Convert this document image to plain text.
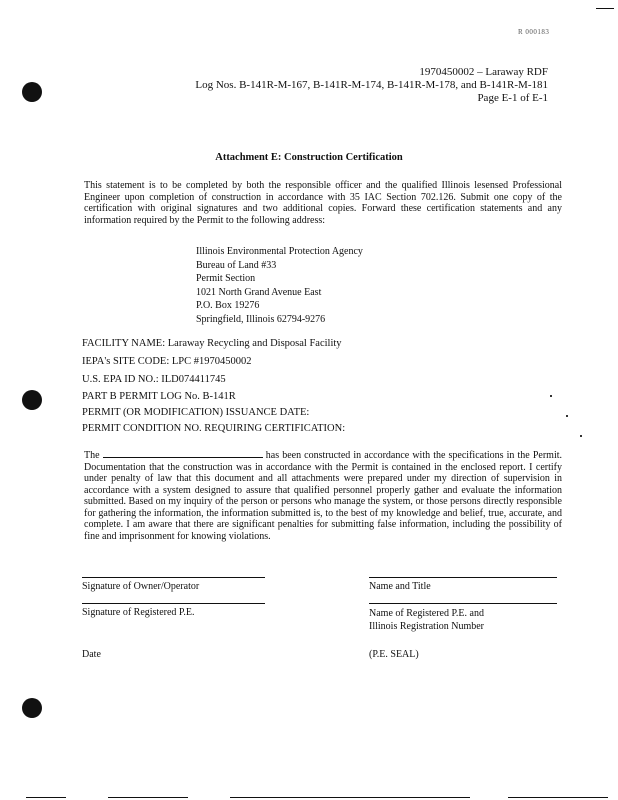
R 000183
1970450002 – Laraway RDF
Log Nos. B-141R-M-167, B-141R-M-174, B-141R-M-178, and B-141R-M-181
Page E-1 of E-1
Attachment E: Construction Certification
This statement is to be completed by both the responsible officer and the qualified Illinois lesensed Professional Engineer upon completion of construction in accordance with 35 IAC Section 702.126. Submit one copy of the certification with original signatures and two additional copies. Forward these certification statements and any information required by the Permit to the following address:
Illinois Environmental Protection Agency
Bureau of Land #33
Permit Section
1021 North Grand Avenue East
P.O. Box 19276
Springfield, Illinois 62794-9276
FACILITY NAME: Laraway Recycling and Disposal Facility
IEPA's SITE CODE: LPC #1970450002
U.S. EPA ID NO.: ILD074411745
PART B PERMIT LOG No. B-141R
PERMIT (OR MODIFICATION) ISSUANCE DATE:
PERMIT CONDITION NO. REQUIRING CERTIFICATION:
The	has been constructed in accordance with the specifications in the Permit. Documentation that the construction was in accordance with the Permit is contained in the enclosed report. I certify under penalty of law that this document and all attachments were prepared under my direction of supervision in accordance with a system designed to assure that qualified personnel properly gather and evaluate the information submitted. Based on my inquiry of the person or persons who manage the system, or those persons directly responsible for gathering the information, the information submitted is, to the best of my knowledge and belief, true, accurate, and complete. I am aware that there are significant penalties for submitting false information, including the possibility of fine and imprisonment for knowing violations.
Signature of Owner/Operator	Name and Title
Signature of Registered P.E.	Name of Registered P.E. and
Illinois Registration Number
Date	(P.E. SEAL)
